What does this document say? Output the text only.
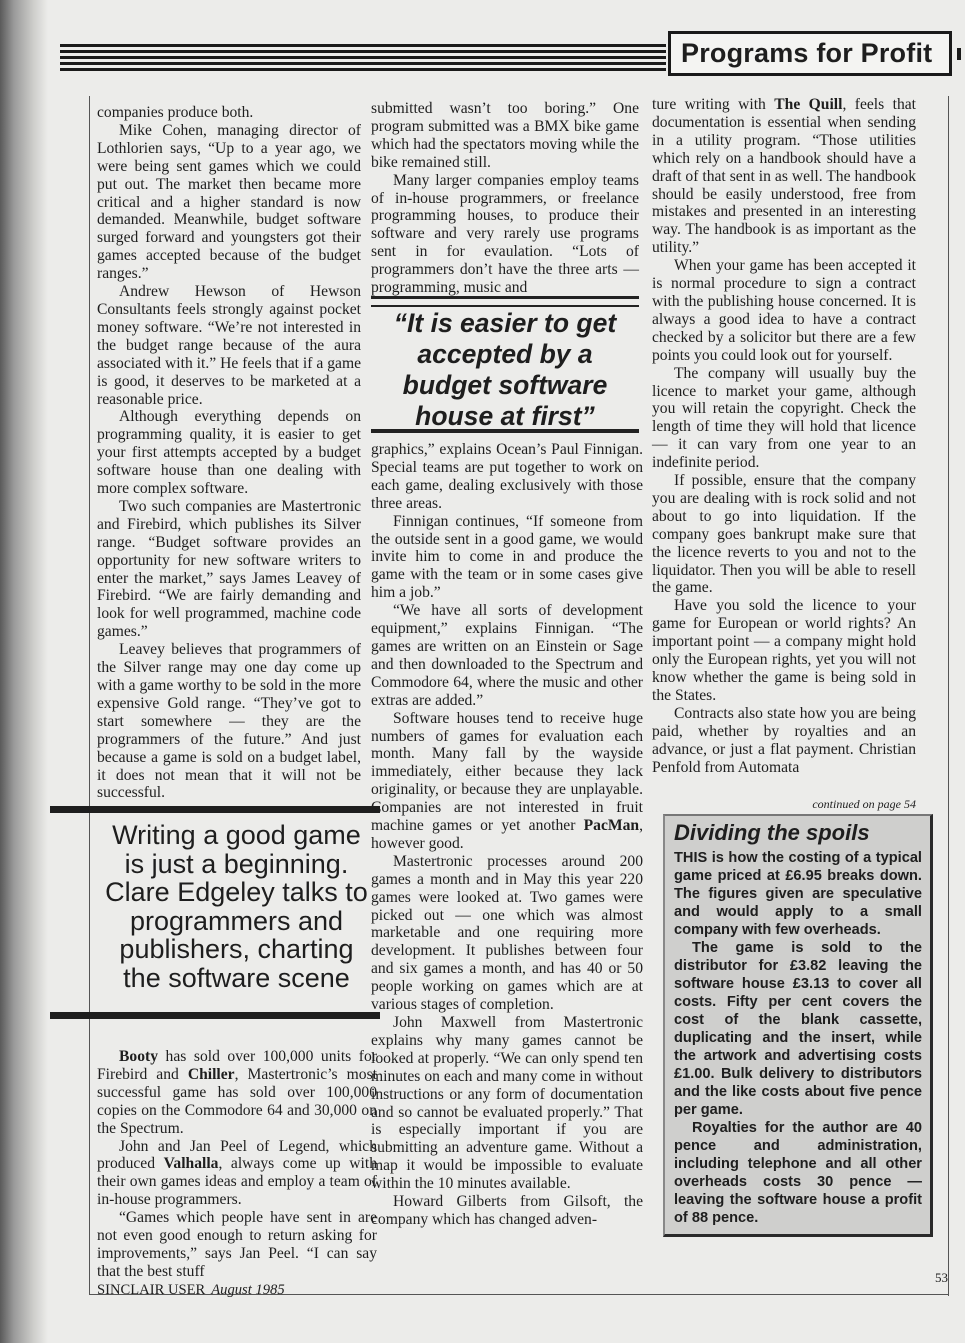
Programs for Profit

companies produce both.

Mike Cohen, managing director of Lothlorien says, “Up to a year ago, we were being sent games which we could put out. The market then became more critical and a higher standard is now demanded. Meanwhile, budget software surged forward and youngsters got their games accepted because of the budget ranges.”

Andrew Hewson of Hewson Consultants feels strongly against pocket money software. “We’re not interested in the budget range because of the aura associated with it.” He feels that if a game is good, it deserves to be marketed at a reasonable price.

Although everything depends on programming quality, it is easier to get your first attempts accepted by a budget software house than one dealing with more complex software.

Two such companies are Mastertronic and Firebird, which publishes its Silver range. “Budget software provides an opportunity for new software writers to enter the market,” says James Leavey of Firebird. “We are fairly demanding and look for well programmed, machine code games.”

Leavey believes that programmers of the Silver range may one day come up with a game worthy to be sold in the more expensive Gold range. “They’ve got to start somewhere — they are the programmers of the future.” And just because a game is sold on a budget label, it does not mean that it will not be successful.

Writing a good game is just a beginning. Clare Edgeley talks to programmers and publishers, charting the software scene

Booty has sold over 100,000 units for Firebird and Chiller, Mastertronic’s most successful game has sold over 100,000 copies on the Commodore 64 and 30,000 on the Spectrum.

John and Jan Peel of Legend, which produced Valhalla, always come up with their own games ideas and employ a team of in-house programmers.

“Games which people have sent in are not even good enough to return asking for improvements,” says Jan Peel. “I can say that the best stuff

submitted wasn’t too boring.” One program submitted was a BMX bike game which had the spectators moving while the bike remained still.

Many larger companies employ teams of in-house programmers, or freelance programming houses, to produce their software and very rarely use programs sent in for evaulation. “Lots of programmers don’t have the three arts — programming, music and

“It is easier to get accepted by a budget software house at first”

graphics,” explains Ocean’s Paul Finnigan. Special teams are put together to work on each game, dealing exclusively with those three areas.

Finnigan continues, “If someone from the outside sent in a good game, we would invite him to come in and produce the game with the team or in some cases give him a job.”

“We have all sorts of development equipment,” explains Finnigan. “The games are written on an Einstein or Sage and then downloaded to the Spectrum and Commodore 64, where the music and other extras are added.”

Software houses tend to receive huge numbers of games for evaluation each month. Many fall by the wayside immediately, either because they lack originality, or because they are unplayable. Companies are not interested in fruit machine games or yet another PacMan, however good.

Mastertronic processes around 200 games a month and in May this year 220 games were looked at. Two games were picked out — one which was almost marketable and one requiring more development. It publishes between four and six games a month, and has 40 or 50 people working on games which are at various stages of completion.

John Maxwell from Mastertronic explains why many games cannot be looked at properly. “We can only spend ten minutes on each and many come in without instructions or any form of documentation and so cannot be evaluated properly.” That is especially important if you are submitting an adventure game. Without a map it would be impossible to evaluate within the 10 minutes available.

Howard Gilberts from Gilsoft, the company which has changed adven-

ture writing with The Quill, feels that documentation is essential when sending in a utility program. “Those utilities which rely on a handbook should have a draft of that sent in as well. The handbook should be easily understood, free from mistakes and presented in an interesting way. The handbook is as important as the utility.”

When your game has been accepted it is normal procedure to sign a contract with the publishing house concerned. It is always a good idea to have a contract checked by a solicitor but there are a few points you could look out for yourself.

The company will usually buy the licence to market your game, although you will retain the copyright. Check the length of time they will hold that licence — it can vary from one year to an indefinite period.

If possible, ensure that the company you are dealing with is rock solid and not about to go into liquidation. If the company goes bankrupt make sure that the licence reverts to you and not to the liquidator. Then you will be able to resell the game.

Have you sold the licence to your game for European or world rights? An important point — a company might hold only the European rights, yet you will not know whether the game is being sold in the States.

Contracts also state how you are being paid, whether by royalties and an advance, or just a flat payment. Christian Penfold from Automata

continued on page 54
Dividing the spoils

THIS is how the costing of a typical game priced at £6.95 breaks down. The figures given are speculative and would apply to a small company with few overheads.

The game is sold to the distributor for £3.82 leaving the software house £3.13 to cover all costs. Fifty per cent covers the cost of the blank cassette, duplicating and the insert, while the artwork and advertising costs £1.00. Bulk delivery to distributors and the like costs about five pence per game.

Royalties for the author are 40 pence and administration, including telephone and all other overheads costs 30 pence — leaving the software house a profit of 88 pence.

SINCLAIR USER August 1985
53
